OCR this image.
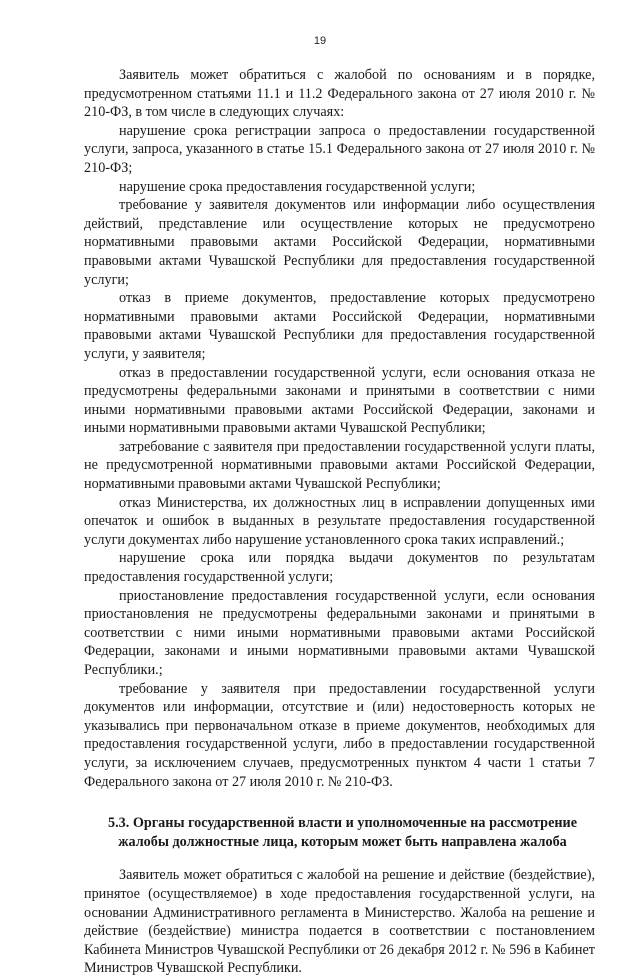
19

Заявитель может обратиться с жалобой по основаниям и в порядке, предусмотренном статьями 11.1 и 11.2 Федерального закона от 27 июля 2010 г. № 210-ФЗ, в том числе в следующих случаях:

нарушение срока регистрации запроса о предоставлении государственной услуги, запроса, указанного в статье 15.1 Федерального закона от 27 июля 2010 г. № 210-ФЗ;

нарушение срока предоставления государственной услуги;

требование у заявителя документов или информации либо осуществления действий, представление или осуществление которых не предусмотрено нормативными правовыми актами Российской Федерации, нормативными правовыми актами Чувашской Республики для предоставления государственной услуги;

отказ в приеме документов, предоставление которых предусмотрено нормативными правовыми актами Российской Федерации, нормативными правовыми актами Чувашской Республики для предоставления государственной услуги, у заявителя;

отказ в предоставлении государственной услуги, если основания отказа не предусмотрены федеральными законами и принятыми в соответствии с ними иными нормативными правовыми актами Российской Федерации, законами и иными нормативными правовыми актами Чувашской Республики;

затребование с заявителя при предоставлении государственной услуги платы, не предусмотренной нормативными правовыми актами Российской Федерации, нормативными правовыми актами Чувашской Республики;

отказ Министерства, их должностных лиц в исправлении допущенных ими опечаток и ошибок в выданных в результате предоставления государственной услуги документах либо нарушение установленного срока таких исправлений.;

нарушение срока или порядка выдачи документов по результатам предоставления государственной услуги;

приостановление предоставления государственной услуги, если основания приостановления не предусмотрены федеральными законами и принятыми в соответствии с ними иными нормативными правовыми актами Российской Федерации, законами и иными нормативными правовыми актами Чувашской Республики.;

требование у заявителя при предоставлении государственной услуги документов или информации, отсутствие и (или) недостоверность которых не указывались при первоначальном отказе в приеме документов, необходимых для предоставления государственной услуги, либо в предоставлении государственной услуги, за исключением случаев, предусмотренных пунктом 4 части 1 статьи 7 Федерального закона от 27 июля 2010 г. № 210-ФЗ.

5.3. Органы государственной власти и уполномоченные на рассмотрение жалобы должностные лица, которым может быть направлена жалоба

Заявитель может обратиться с жалобой на решение и действие (бездействие), принятое (осуществляемое) в ходе предоставления государственной услуги, на основании Административного регламента в Министерство. Жалоба на решение и действие (бездействие) министра подается в соответствии с постановлением Кабинета Министров Чувашской Республики от 26 декабря 2012 г. № 596 в Кабинет Министров Чувашской Республики.
